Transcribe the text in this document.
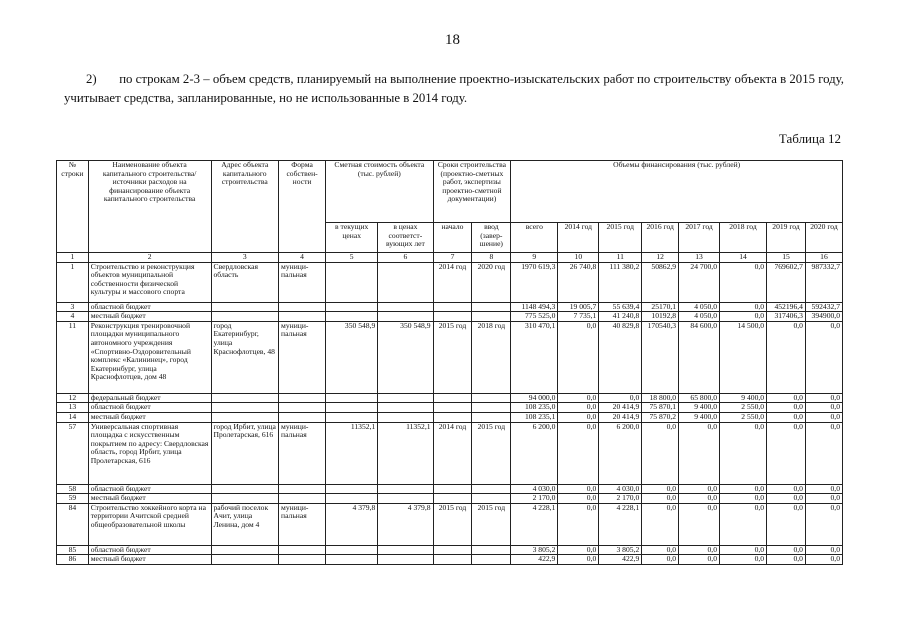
18
2)       по строкам 2-3 – объем средств, планируемый на выполнение проектно-изыскательских работ по строительству объекта в 2015 году, учитывает средства, запланированные, но не использованные в 2014 году.
Таблица 12
№ строки	Наименование объекта капитального строительства/ источники расходов на финансирование объекта капитального строительства	Адрес объекта капитального строительства	Форма собствен-ности	Сметная стоимость объекта (тыс. рублей)		Сроки строительства (проектно-сметных работ, экспертизы проектно-сметной документации)		Объемы финансирования (тыс. рублей)							
				в текущих ценах	в ценах соответст-вующих лет	начало	ввод (завер-шение)	всего	2014 год	2015 год	2016 год	2017 год	2018 год	2019 год	2020 год
1	2	3	4	5	6	7	8	9	10	11	12	13	14	15	16
1	Строительство и реконструкция объектов муниципальной собственности физической культуры и массового спорта	Свердловская область	муници-пальная			2014 год	2020 год	1970 619,3	26 740,8	111 380,2	50862,9	24 700,0	0,0	769602,7	987332,7
3	областной бюджет							1148 494,3	19 005,7	55 639,4	25170,1	4 050,0	0,0	452196,4	592432,7
4	местный бюджет							775 525,0	7 735,1	41 240,8	10192,8	4 050,0	0,0	317406,3	394900,0
11	Реконструкция тренировочной площадки муниципального автономного учреждения «Спортивно-Оздоровительный комплекс «Калининец», город Екатеринбург, улица Краснофлотцев, дом 48	город Екатеринбург, улица Краснофлотцев, 48	муници-пальная	350 548,9	350 548,9	2015 год	2018 год	310 470,1	0,0	40 829,8	170540,3	84 600,0	14 500,0	0,0	0,0
12	федеральный бюджет							94 000,0	0,0	0,0	18 800,0	65 800,0	9 400,0	0,0	0,0
13	областной бюджет							108 235,0	0,0	20 414,9	75 870,1	9 400,0	2 550,0	0,0	0,0
14	местный бюджет							108 235,1	0,0	20 414,9	75 870,2	9 400,0	2 550,0	0,0	0,0
57	Универсальная спортивная площадка с искусственным покрытием по адресу: Свердловская область, город Ирбит, улица Пролетарская, 616	город Ирбит, улица Пролетарская, 616	муници-пальная	11352,1	11352,1	2014 год	2015 год	6 200,0	0,0	6 200,0	0,0	0,0	0,0	0,0	0,0
58	областной бюджет							4 030,0	0,0	4 030,0	0,0	0,0	0,0	0,0	0,0
59	местный бюджет							2 170,0	0,0	2 170,0	0,0	0,0	0,0	0,0	0,0
84	Строительство хоккейного корта на территории Ачитской средней общеобразовательной школы	рабочий поселок Ачит, улица Ленина, дом 4	муници-пальная	4 379,8	4 379,8	2015 год	2015 год	4 228,1	0,0	4 228,1	0,0	0,0	0,0	0,0	0,0
85	областной бюджет							3 805,2	0,0	3 805,2	0,0	0,0	0,0	0,0	0,0
86	местный бюджет							422,9	0,0	422,9	0,0	0,0	0,0	0,0	0,0
